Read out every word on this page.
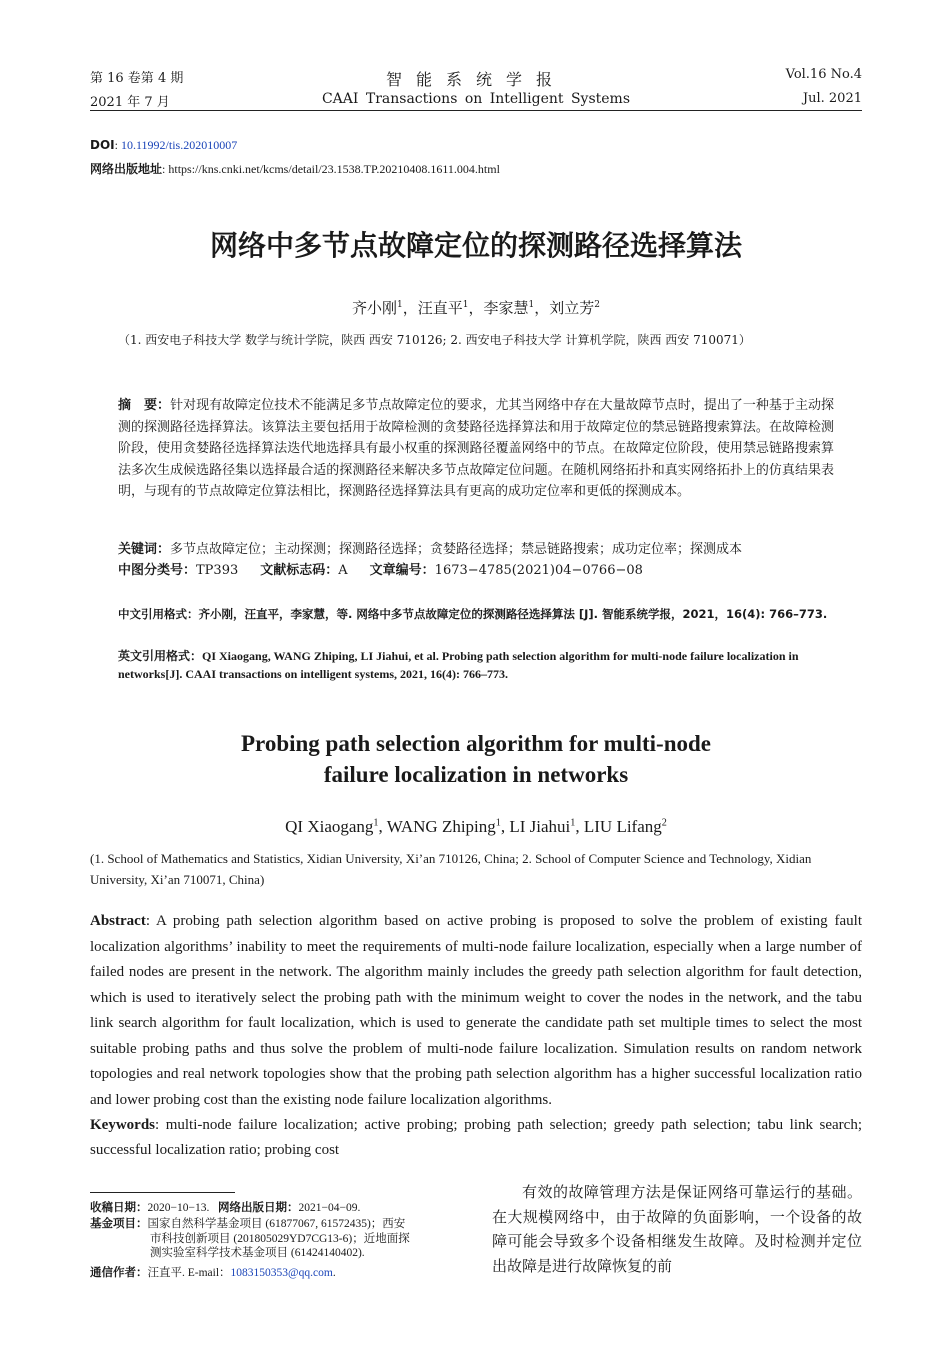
第 16 卷第 4 期	智能系统学报	Vol.16 No.4
2021 年 7 月	CAAI Transactions on Intelligent Systems	Jul. 2021
DOI: 10.11992/tis.202010007
网络出版地址: https://kns.cnki.net/kcms/detail/23.1538.TP.20210408.1611.004.html
网络中多节点故障定位的探测路径选择算法
齐小刚$^1$，汪直平$^1$，李家慧$^1$，刘立芳$^2$
（1. 西安电子科技大学 数学与统计学院，陕西 西安 710126; 2. 西安电子科技大学 计算机学院，陕西 西安 710071）
摘　要：针对现有故障定位技术不能满足多节点故障定位的要求，尤其当网络中存在大量故障节点时，提出了一种基于主动探测的探测路径选择算法。该算法主要包括用于故障检测的贪婪路径选择算法和用于故障定位的禁忌链路搜索算法。在故障检测阶段，使用贪婪路径选择算法迭代地选择具有最小权重的探测路径覆盖网络中的节点。在故障定位阶段，使用禁忌链路搜索算法多次生成候选路径集以选择最合适的探测路径来解决多节点故障定位问题。在随机网络拓扑和真实网络拓扑上的仿真结果表明，与现有的节点故障定位算法相比，探测路径选择算法具有更高的成功定位率和更低的探测成本。
关键词：多节点故障定位；主动探测；探测路径选择；贪婪路径选择；禁忌链路搜索；成功定位率；探测成本
中图分类号：TP393 文献标志码：A 文章编号：1673−4785(2021)04−0766−08
中文引用格式：齐小刚，汪直平，李家慧，等. 网络中多节点故障定位的探测路径选择算法 [J]. 智能系统学报，2021，16(4): 766–773.
英文引用格式：QI Xiaogang, WANG Zhiping, LI Jiahui, et al. Probing path selection algorithm for multi-node failure localization in networks[J]. CAAI transactions on intelligent systems, 2021, 16(4): 766–773.
Probing path selection algorithm for multi-node
failure localization in networks
QI Xiaogang$^1$, WANG Zhiping$^1$, LI Jiahui$^1$, LIU Lifang$^2$
(1. School of Mathematics and Statistics, Xidian University, Xi’an 710126, China; 2. School of Computer Science and Technology, Xidian University, Xi’an 710071, China)
Abstract: A probing path selection algorithm based on active probing is proposed to solve the problem of existing fault localization algorithms’ inability to meet the requirements of multi-node failure localization, especially when a large number of failed nodes are present in the network. The algorithm mainly includes the greedy path selection algorithm for fault detection, which is used to iteratively select the probing path with the minimum weight to cover the nodes in the network, and the tabu link search algorithm for fault localization, which is used to generate the candidate path set multiple times to select the most suitable probing paths and thus solve the problem of multi-node failure localization. Simulation results on random network topologies and real network topologies show that the probing path selection algorithm has a higher successful localization ratio and lower probing cost than the existing node failure localization algorithms.
Keywords: multi-node failure localization; active probing; probing path selection; greedy path selection; tabu link search; successful localization ratio; probing cost
收稿日期：2020−10−13. 网络出版日期：2021−04−09.
基金项目：国家自然科学基金项目 (61877067, 61572435)；西安
市科技创新项目 (201805029YD7CG13-6)；近地面探
测实验室科学技术基金项目 (61424140402).
通信作者：汪直平. E-mail：1083150353@qq.com.

有效的故障管理方法是保证网络可靠运行的基础。在大规模网络中，由于故障的负面影响，一个设备的故障可能会导致多个设备相继发生故障。及时检测并定位出故障是进行故障恢复的前
